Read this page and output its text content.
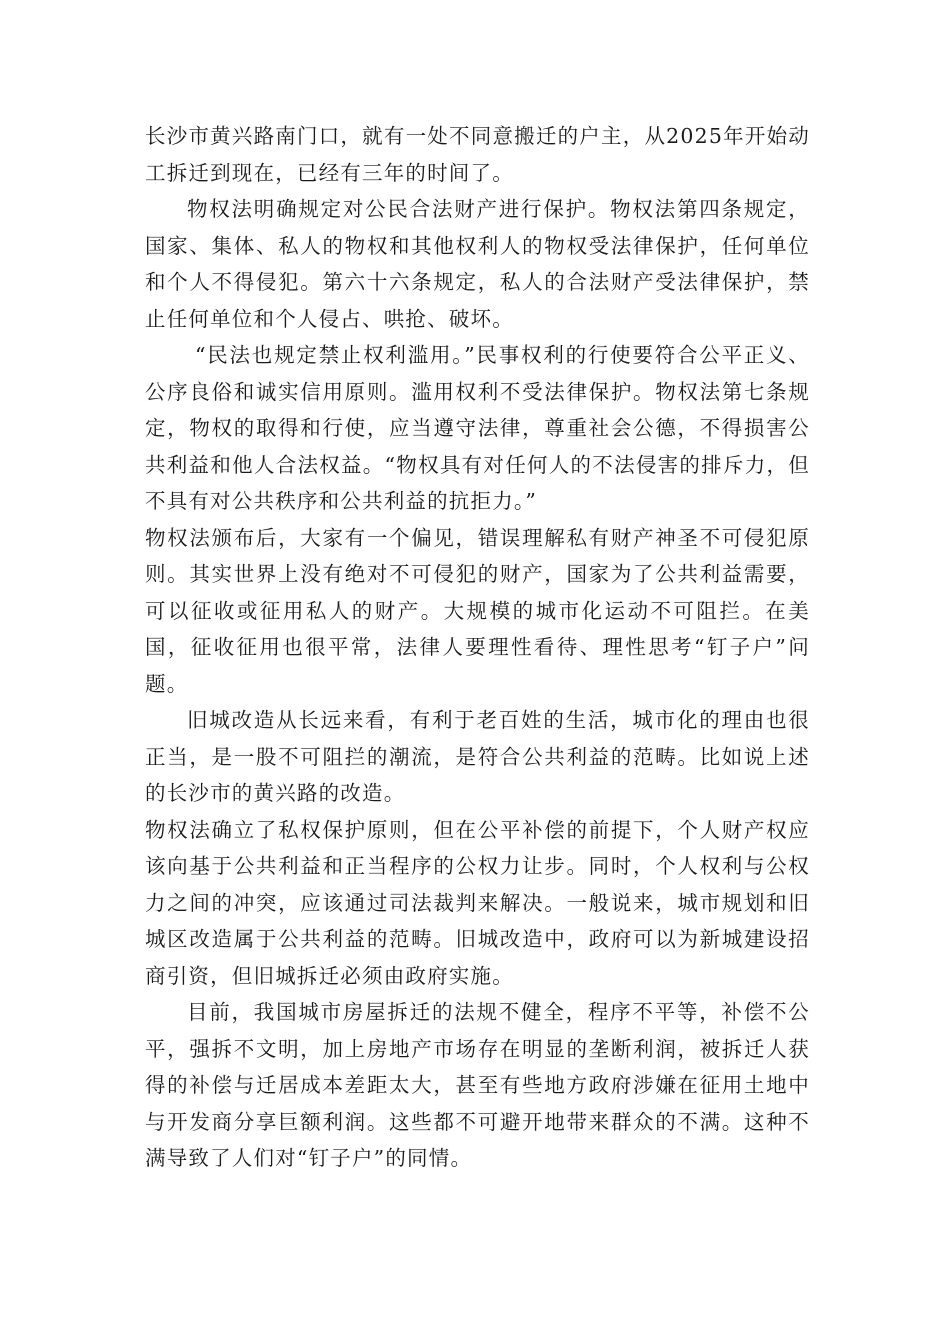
长沙市黄兴路南门口，就有一处不同意搬迁的户主，从2025年开始动工拆迁到现在，已经有三年的时间了。

物权法明确规定对公民合法财产进行保护。物权法第四条规定，国家、集体、私人的物权和其他权利人的物权受法律保护，任何单位和个人不得侵犯。第六十六条规定，私人的合法财产受法律保护，禁止任何单位和个人侵占、哄抢、破坏。

“民法也规定禁止权利滥用。”民事权利的行使要符合公平正义、公序良俗和诚实信用原则。滥用权利不受法律保护。物权法第七条规定，物权的取得和行使，应当遵守法律，尊重社会公德，不得损害公共利益和他人合法权益。“物权具有对任何人的不法侵害的排斥力，但不具有对公共秩序和公共利益的抗拒力。”

物权法颁布后，大家有一个偏见，错误理解私有财产神圣不可侵犯原则。其实世界上没有绝对不可侵犯的财产，国家为了公共利益需要，可以征收或征用私人的财产。大规模的城市化运动不可阻拦。在美国，征收征用也很平常，法律人要理性看待、理性思考“钉子户”问题。

旧城改造从长远来看，有利于老百姓的生活，城市化的理由也很正当，是一股不可阻拦的潮流，是符合公共利益的范畴。比如说上述的长沙市的黄兴路的改造。

物权法确立了私权保护原则，但在公平补偿的前提下，个人财产权应该向基于公共利益和正当程序的公权力让步。同时，个人权利与公权力之间的冲突，应该通过司法裁判来解决。一般说来，城市规划和旧城区改造属于公共利益的范畴。旧城改造中，政府可以为新城建设招商引资，但旧城拆迁必须由政府实施。

目前，我国城市房屋拆迁的法规不健全，程序不平等，补偿不公平，强拆不文明，加上房地产市场存在明显的垄断利润，被拆迁人获得的补偿与迁居成本差距太大，甚至有些地方政府涉嫌在征用土地中与开发商分享巨额利润。这些都不可避开地带来群众的不满。这种不满导致了人们对“钉子户”的同情。
